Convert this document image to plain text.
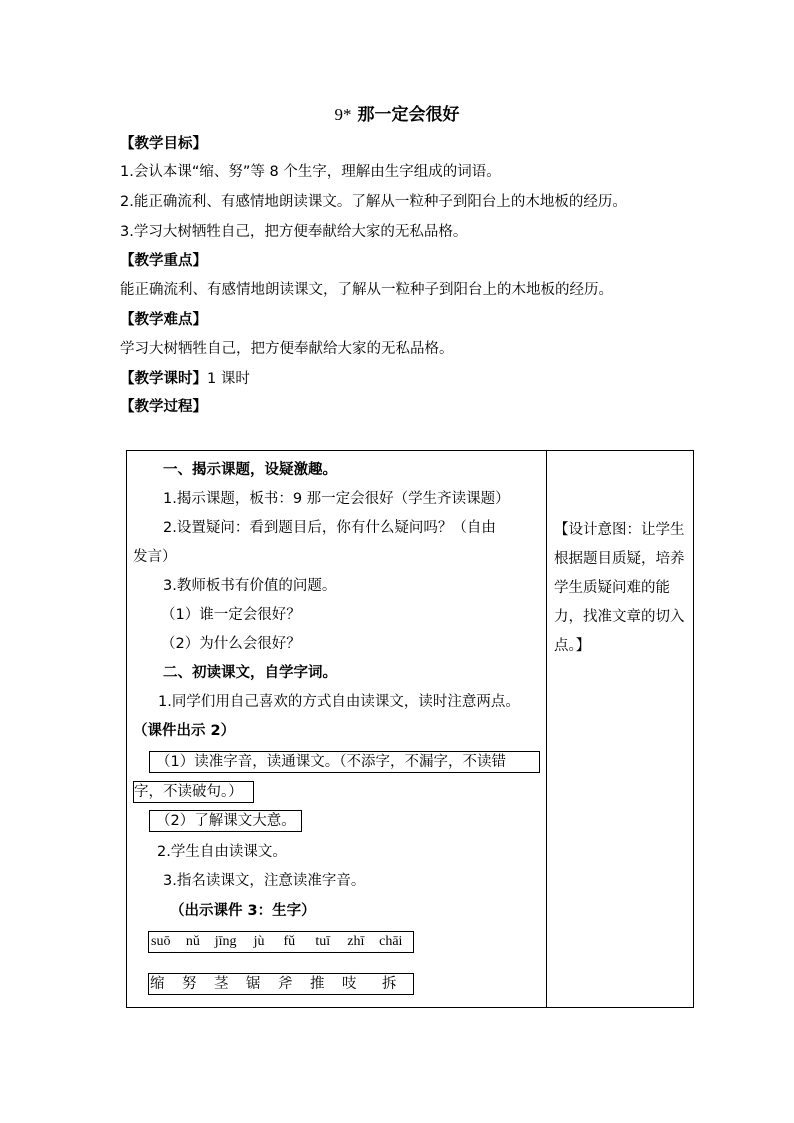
9* 那一定会很好
【教学目标】
1.会认本课“缩、努”等 8 个生字，理解由生字组成的词语。
2.能正确流利、有感情地朗读课文。了解从一粒种子到阳台上的木地板的经历。
3.学习大树牺牲自己，把方便奉献给大家的无私品格。
【教学重点】
能正确流利、有感情地朗读课文，了解从一粒种子到阳台上的木地板的经历。
【教学难点】
学习大树牺牲自己，把方便奉献给大家的无私品格。
【教学课时】1 课时
【教学过程】
一、揭示课题，设疑激趣。
1.揭示课题，板书：9 那一定会很好（学生齐读课题）
2.设置疑问：看到题目后，你有什么疑问吗？（自由
发言）
3.教师板书有价值的问题。
（1）谁一定会很好？
（2）为什么会很好？
二、初读课文，自学字词。
1.同学们用自己喜欢的方式自由读课文，读时注意两点。
（课件出示 2）
（1）读准字音，读通课文。（不添字，不漏字，不读错
字，不读破句。）
（2）了解课文大意。
2.学生自由读课文。
3.指名读课文，注意读准字音。
（出示课件 3：生字）
suō	nǔ	jīng	jù	fǔ	tuī	zhī	chāi
缩	努	茎	锯	斧	推	吱	拆
【设计意图：让学生根据题目质疑，培养学生质疑问难的能力，找准文章的切入点。】
